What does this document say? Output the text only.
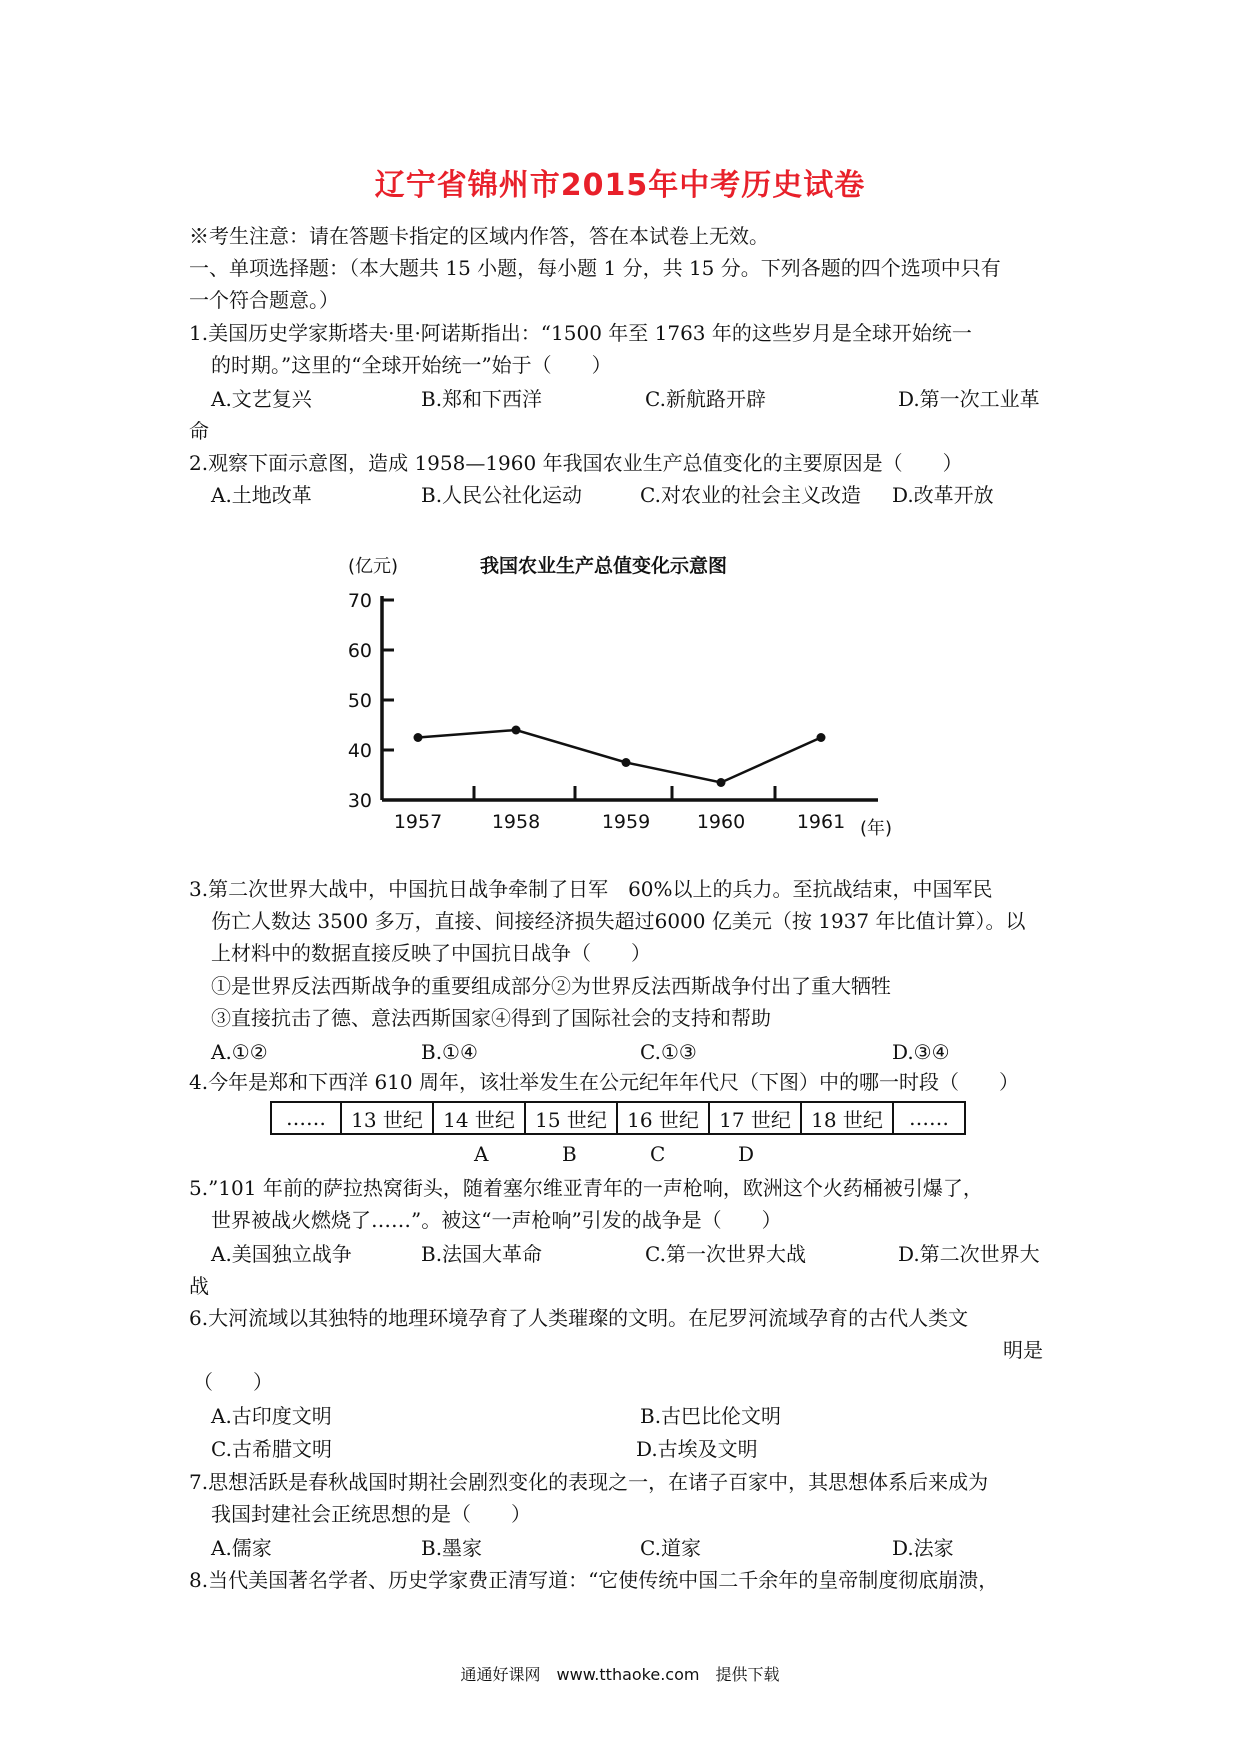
辽宁省锦州市2015年中考历史试卷
※考生注意：请在答题卡指定的区域内作答，答在本试卷上无效。
一、单项选择题：（本大题共 15 小题，每小题 1 分，共 15 分。下列各题的四个选项中只有
一个符合题意。）
1.美国历史学家斯塔夫·里·阿诺斯指出：“1500 年至 1763 年的这些岁月是全球开始统一
的时期。”这里的“全球开始统一”始于（　　）
A.文艺复兴	B.郑和下西洋	C.新航路开辟	D.第一次工业革
命
2.观察下面示意图，造成 1958—1960 年我国农业生产总值变化的主要原因是（　　）
A.土地改革	B.人民公社化运动	C.对农业的社会主义改造 D.改革开放
我国农业生产总值变化示意图
(亿元)
(年)
70
60
50
40
30
1957	1958	1959 1960	1961
3.第二次世界大战中，中国抗日战争牵制了日军　60%以上的兵力。至抗战结束，中国军民
伤亡人数达 3500 多万，直接、间接经济损失超过6000 亿美元（按 1937 年比值计算）。以
上材料中的数据直接反映了中国抗日战争（　　）
①是世界反法西斯战争的重要组成部分②为世界反法西斯战争付出了重大牺牲
③直接抗击了德、意法西斯国家④得到了国际社会的支持和帮助
A.①②	B.①④	C.①③	D.③④
4.今年是郑和下西洋 610 周年，该壮举发生在公元纪年年代尺（下图）中的哪一时段（　　）
……	13 世纪	14 世纪	15 世纪	16 世纪	17 世纪	18 世纪	……
A	B	C	D
5.”101 年前的萨拉热窝街头，随着塞尔维亚青年的一声枪响，欧洲这个火药桶被引爆了，
世界被战火燃烧了……”。被这“一声枪响”引发的战争是（　　）
A.美国独立战争	B.法国大革命	C.第一次世界大战	D.第二次世界大
战
6.大河流域以其独特的地理环境孕育了人类璀璨的文明。在尼罗河流域孕育的古代人类文
明是
（　　）
A.古印度文明	B.古巴比伦文明
C.古希腊文明	D.古埃及文明
7.思想活跃是春秋战国时期社会剧烈变化的表现之一，在诸子百家中，其思想体系后来成为
我国封建社会正统思想的是（　　）
A.儒家	B.墨家	C.道家	D.法家
8.当代美国著名学者、历史学家费正清写道：“它使传统中国二千余年的皇帝制度彻底崩溃，
通通好课网　www.tthaoke.com　提供下载
